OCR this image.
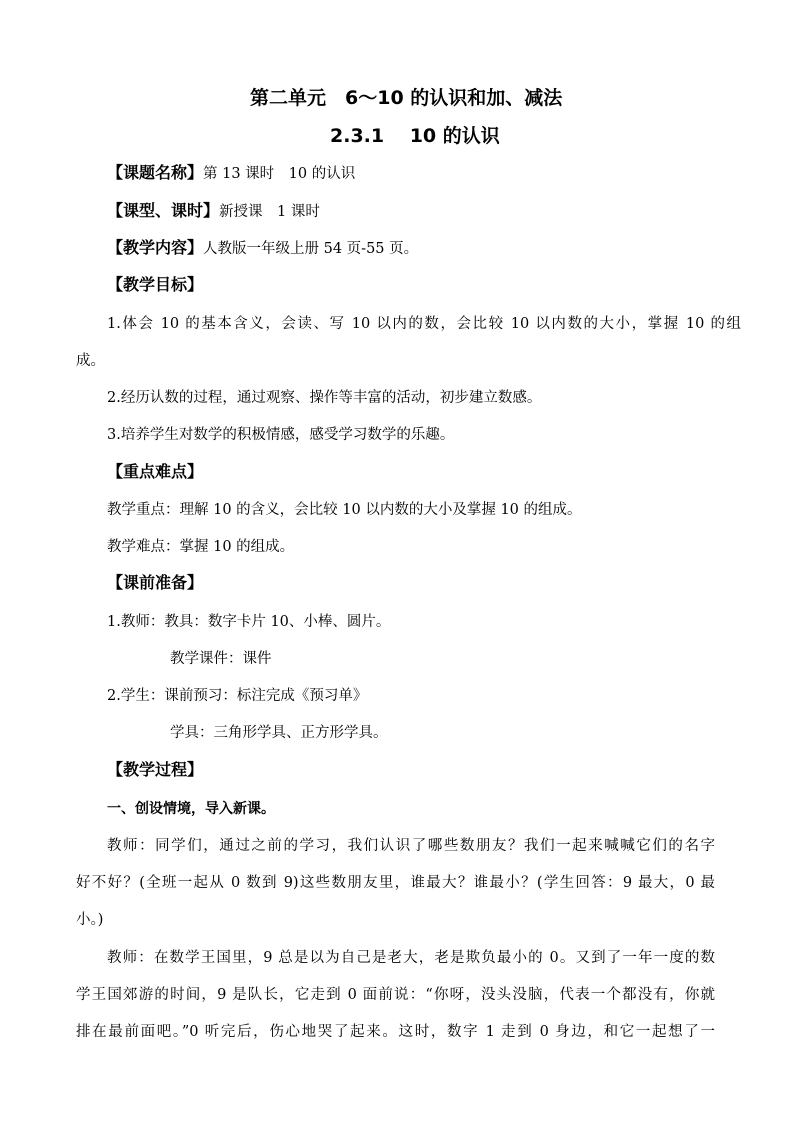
第二单元　6～10 的认识和加、减法
2.3.1　 10 的认识
【课题名称】第 13 课时　10 的认识
【课型、课时】新授课　1 课时
【教学内容】人教版一年级上册 54 页-55 页。
【教学目标】
1.体会 10 的基本含义，会读、写 10 以内的数，会比较 10 以内数的大小，掌握 10 的组
成。
2.经历认数的过程，通过观察、操作等丰富的活动，初步建立数感。
3.培养学生对数学的积极情感，感受学习数学的乐趣。
【重点难点】
教学重点：理解 10 的含义，会比较 10 以内数的大小及掌握 10 的组成。
教学难点：掌握 10 的组成。
【课前准备】
1.教师：教具：数字卡片 10、小棒、圆片。
教学课件：课件
2.学生：课前预习：标注完成《预习单》
学具：三角形学具、正方形学具。
【教学过程】
一、创设情境，导入新课。
教师：同学们，通过之前的学习，我们认识了哪些数朋友？我们一起来喊喊它们的名字
好不好？(全班一起从 0 数到 9)这些数朋友里，谁最大？谁最小？(学生回答：9 最大，0 最
小。)
教师：在数学王国里，9 总是以为自己是老大，老是欺负最小的 0。又到了一年一度的数
学王国郊游的时间，9 是队长，它走到 0 面前说：“你呀，没头没脑，代表一个都没有，你就
排在最前面吧。”0 听完后，伤心地哭了起来。这时，数字 1 走到 0 身边，和它一起想了一
